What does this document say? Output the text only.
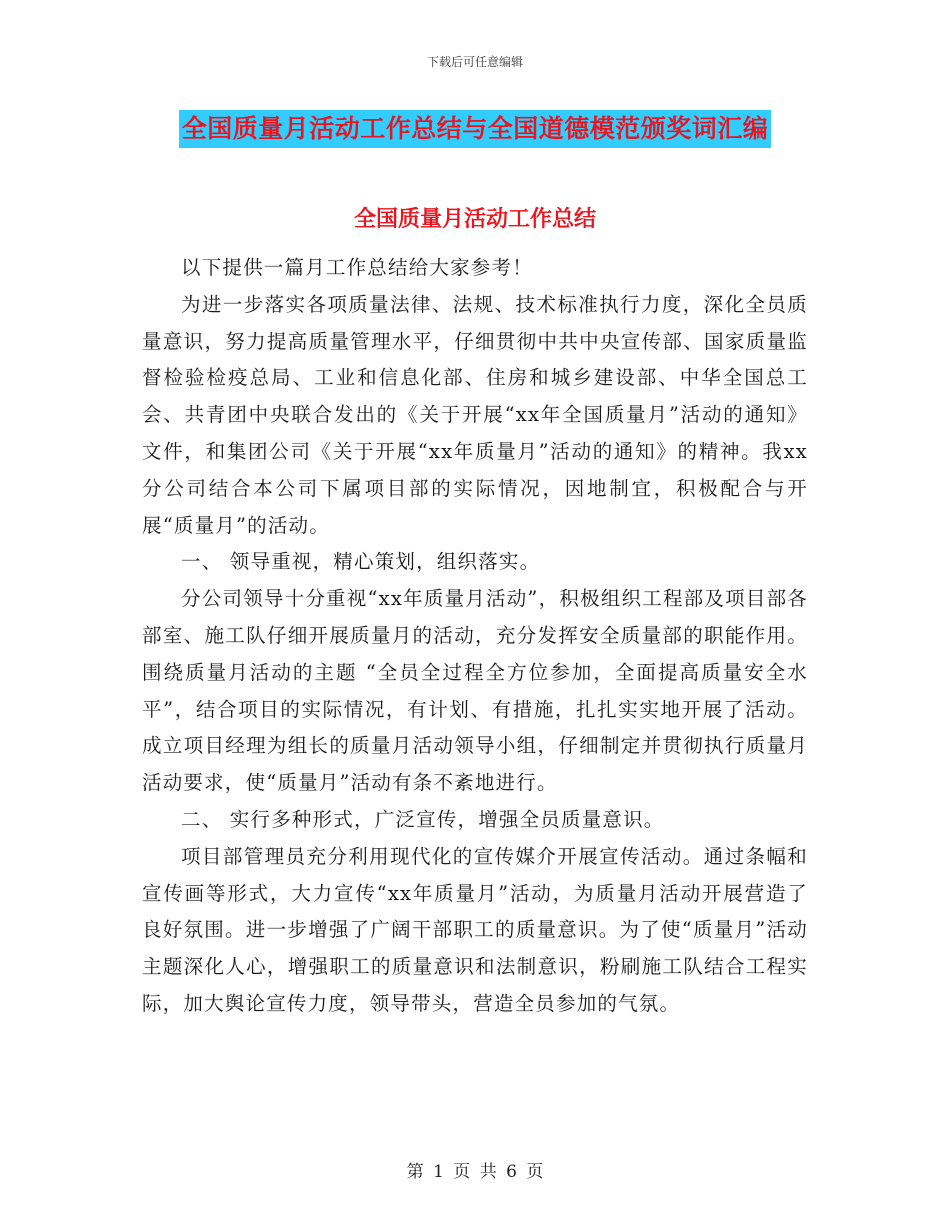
下载后可任意编辑
全国质量月活动工作总结与全国道德模范颁奖词汇编
全国质量月活动工作总结

以下提供一篇月工作总结给大家参考！

为进一步落实各项质量法律、法规、技术标准执行力度，深化全员质量意识，努力提高质量管理水平，仔细贯彻中共中央宣传部、国家质量监督检验检疫总局、工业和信息化部、住房和城乡建设部、中华全国总工会、共青团中央联合发出的《关于开展“xx年全国质量月”活动的通知》文件，和集团公司《关于开展“xx年质量月”活动的通知》的精神。我xx分公司结合本公司下属项目部的实际情况，因地制宜，积极配合与开展“质量月”的活动。

一、 领导重视，精心策划，组织落实。

分公司领导十分重视“xx年质量月活动”，积极组织工程部及项目部各部室、施工队仔细开展质量月的活动，充分发挥安全质量部的职能作用。围绕质量月活动的主题 “全员全过程全方位参加，全面提高质量安全水平”，结合项目的实际情况，有计划、有措施，扎扎实实地开展了活动。成立项目经理为组长的质量月活动领导小组，仔细制定并贯彻执行质量月活动要求，使“质量月”活动有条不紊地进行。

二、 实行多种形式，广泛宣传，增强全员质量意识。

项目部管理员充分利用现代化的宣传媒介开展宣传活动。通过条幅和宣传画等形式，大力宣传“xx年质量月”活动，为质量月活动开展营造了良好氛围。进一步增强了广阔干部职工的质量意识。为了使“质量月”活动主题深化人心，增强职工的质量意识和法制意识，粉刷施工队结合工程实际，加大舆论宣传力度，领导带头，营造全员参加的气氛。

第 1 页 共 6 页
